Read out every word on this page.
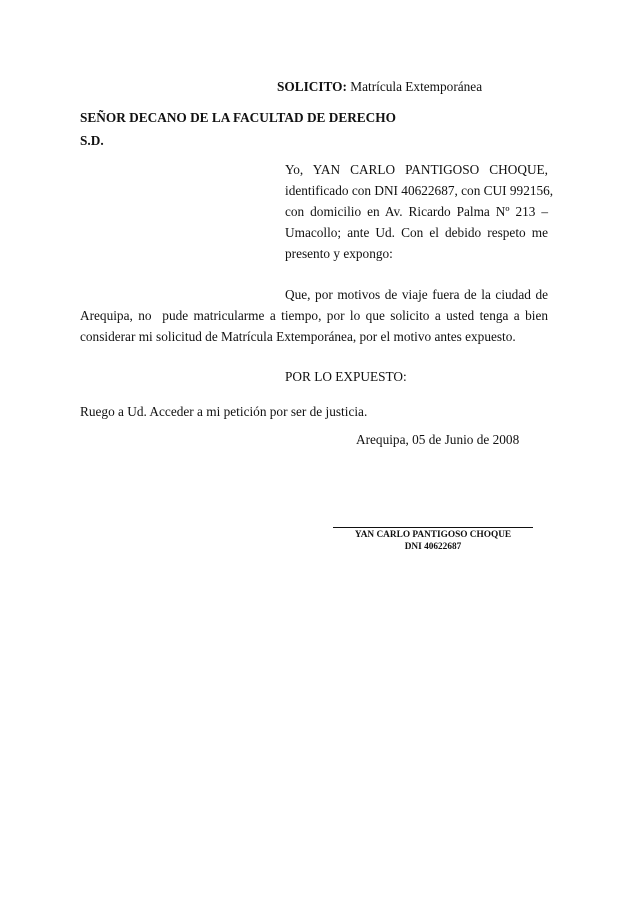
SOLICITO: Matrícula Extemporánea
SEÑOR DECANO DE LA FACULTAD DE DERECHO
S.D.
Yo, YAN CARLO PANTIGOSO CHOQUE,
identificado con DNI 40622687, con CUI 992156,
con domicilio en Av. Ricardo Palma Nº 213 –
Umacollo; ante Ud. Con el debido respeto me
presento y expongo:
Que, por motivos de viaje fuera de la ciudad de
Arequipa, no  pude matricularme a tiempo, por lo que solicito a usted tenga a bien
considerar mi solicitud de Matrícula Extemporánea, por el motivo antes expuesto.
POR LO EXPUESTO:
Ruego a Ud. Acceder a mi petición por ser de justicia.
Arequipa, 05 de Junio de 2008
YAN CARLO PANTIGOSO CHOQUE
DNI 40622687
